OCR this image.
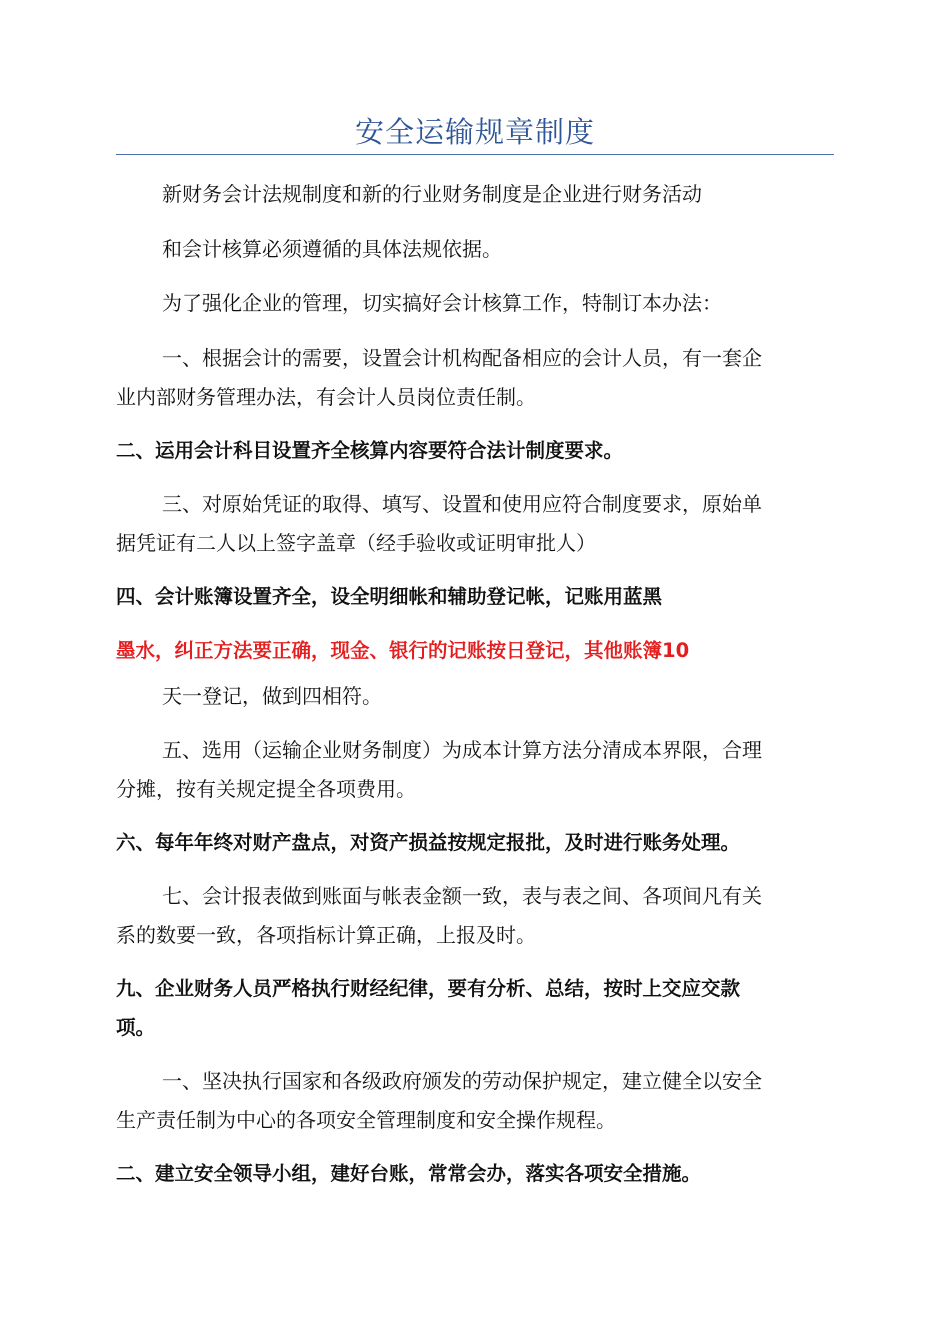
安全运输规章制度
新财务会计法规制度和新的行业财务制度是企业进行财务活动
和会计核算必须遵循的具体法规依据。
为了强化企业的管理，切实搞好会计核算工作，特制订本办法：
一、根据会计的需要，设置会计机构配备相应的会计人员，有一套企
业内部财务管理办法，有会计人员岗位责任制。
二、运用会计科目设置齐全核算内容要符合法计制度要求。
三、对原始凭证的取得、填写、设置和使用应符合制度要求，原始单
据凭证有二人以上签字盖章（经手验收或证明审批人）
四、会计账簿设置齐全，设全明细帐和辅助登记帐，记账用蓝黑
墨水，纠正方法要正确，现金、银行的记账按日登记，其他账簿10
天一登记，做到四相符。
五、选用（运输企业财务制度）为成本计算方法分清成本界限，合理
分摊，按有关规定提全各项费用。
六、每年年终对财产盘点，对资产损益按规定报批，及时进行账务处理。
七、会计报表做到账面与帐表金额一致，表与表之间、各项间凡有关
系的数要一致，各项指标计算正确，上报及时。
九、企业财务人员严格执行财经纪律，要有分析、总结，按时上交应交款
项。
一、坚决执行国家和各级政府颁发的劳动保护规定，建立健全以安全
生产责任制为中心的各项安全管理制度和安全操作规程。
二、建立安全领导小组，建好台账，常常会办，落实各项安全措施。
